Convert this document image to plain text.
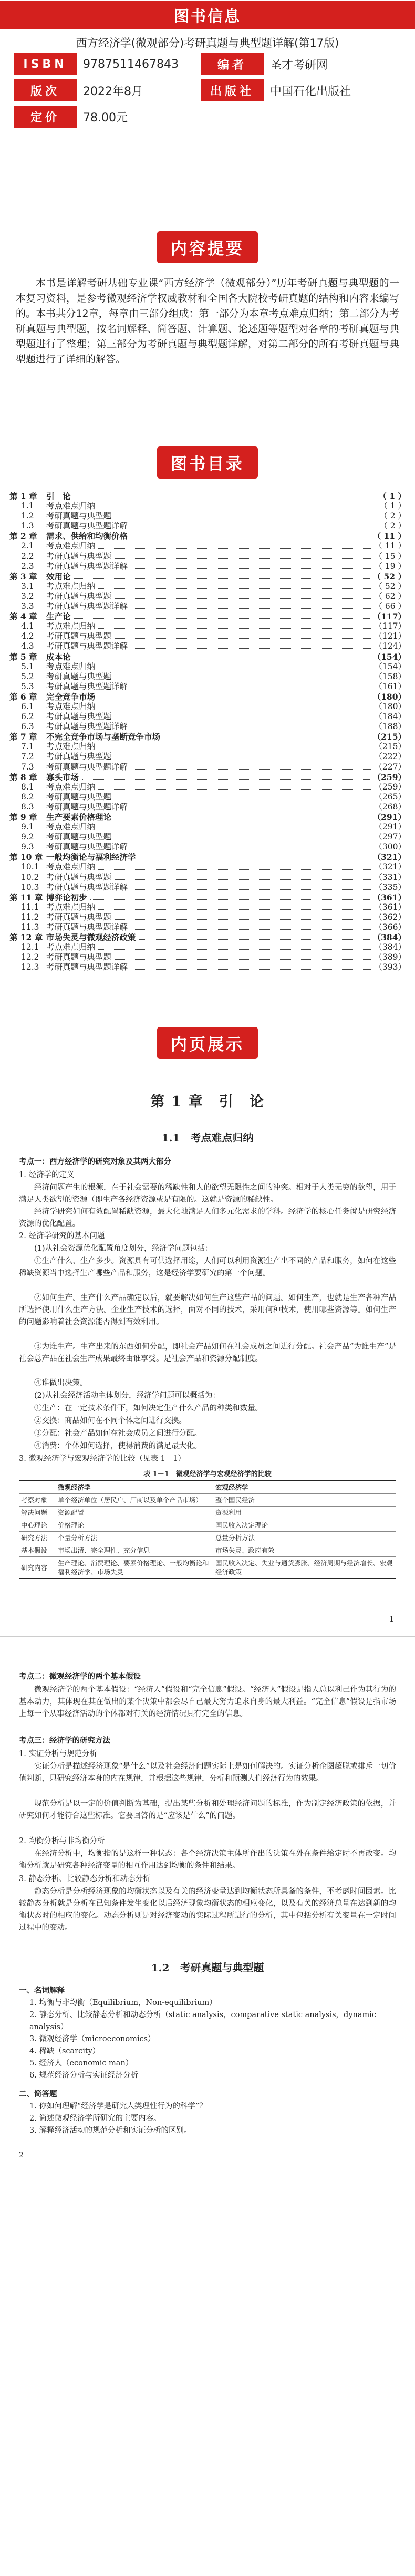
图书信息
西方经济学(微观部分)考研真题与典型题详解(第17版)
ISBN	9787511467843	编者	圣才考研网
版次	2022年8月	出版社	中国石化出版社
定价	78.00元
内容提要
本书是详解考研基础专业课“西方经济学（微观部分）”历年考研真题与典型题的一本复习资料，是参考微观经济学权威教材和全国各大院校考研真题的结构和内容来编写的。本书共分12章，每章由三部分组成：第一部分为本章考点难点归纳；第二部分为考研真题与典型题，按名词解释、简答题、计算题、论述题等题型对各章的考研真题与典型题进行了整理；第三部分为考研真题与典型题详解，对第二部分的所有考研真题与典型题进行了详细的解答。
图书目录
第 1 章	引　论	（ 1 ）
1.1	考点难点归纳	（ 1 ）
1.2	考研真题与典型题	（ 2 ）
1.3	考研真题与典型题详解	（ 2 ）
第 2 章	需求、供给和均衡价格	（ 11 ）
2.1	考点难点归纳	（ 11 ）
2.2	考研真题与典型题	（ 15 ）
2.3	考研真题与典型题详解	（ 19 ）
第 3 章	效用论	（ 52 ）
3.1	考点难点归纳	（ 52 ）
3.2	考研真题与典型题	（ 62 ）
3.3	考研真题与典型题详解	（ 66 ）
第 4 章	生产论	（117）
4.1	考点难点归纳	（117）
4.2	考研真题与典型题	（121）
4.3	考研真题与典型题详解	（124）
第 5 章	成本论	（154）
5.1	考点难点归纳	（154）
5.2	考研真题与典型题	（158）
5.3	考研真题与典型题详解	（161）
第 6 章	完全竞争市场	（180）
6.1	考点难点归纳	（180）
6.2	考研真题与典型题	（184）
6.3	考研真题与典型题详解	（188）
第 7 章	不完全竞争市场与垄断竞争市场	（215）
7.1	考点难点归纳	（215）
7.2	考研真题与典型题	（222）
7.3	考研真题与典型题详解	（227）
第 8 章	寡头市场	（259）
8.1	考点难点归纳	（259）
8.2	考研真题与典型题	（265）
8.3	考研真题与典型题详解	（268）
第 9 章	生产要素价格理论	（291）
9.1	考点难点归纳	（291）
9.2	考研真题与典型题	（297）
9.3	考研真题与典型题详解	（300）
第 10 章 一般均衡论与福利经济学	（321）
10.1 考点难点归纳	（321）
10.2 考研真题与典型题	（331）
10.3 考研真题与典型题详解	（335）
第 11 章 博弈论初步	（361）
11.1 考点难点归纳	（361）
11.2 考研真题与典型题	（362）
11.3 考研真题与典型题详解	（366）
第 12 章 市场失灵与微观经济政策	（384）
12.1 考点难点归纳	（384）
12.2 考研真题与典型题	（389）
12.3 考研真题与典型题详解	（393）
内页展示
第 1 章　引　论
1.1　考点难点归纳
考点一：西方经济学的研究对象及其两大部分
1. 经济学的定义
经济问题产生的根源，在于社会需要的稀缺性和人的欲望无限性之间的冲突。相对于人类无穷的欲望，用于满足人类欲望的资源（即生产各经济资源或是有限的。这就是资源的稀缺性。
经济学研究如何有效配置稀缺资源，最大化地满足人们多元化需求的学科。经济学的核心任务就是研究经济资源的优化配置。
2. 经济学研究的基本问题
(1)从社会资源优化配置角度划分，经济学问题包括：
①生产什么、生产多少。资源具有可供选择用途，人们可以利用资源生产出不同的产品和服务，如何在这些稀缺资源当中选择生产哪些产品和服务，这是经济学要研究的第一个问题。
②如何生产。生产什么产品确定以后，就要解决如何生产这些产品的问题。如何生产，也就是生产各种产品所选择使用什么生产方法。企业生产技术的选择，面对不同的技术，采用何种技术，使用哪些资源等。如何生产的问题影响着社会资源能否得到有效利用。
③为谁生产。生产出来的东西如何分配，即社会产品如何在社会成员之间进行分配。社会产品“为谁生产”是社会总产品在社会生产成果最终由谁享受。是社会产品和资源分配制度。
④谁做出决策。
(2)从社会经济活动主体划分，经济学问题可以概括为：
①生产：在一定技术条件下，如何决定生产什么产品的种类和数量。
②交换：商品如何在不同个体之间进行交换。
③分配：社会产品如何在社会成员之间进行分配。
④消费：个体如何选择，使得消费的满足最大化。
3. 微观经济学与宏观经济学的比较（见表 1－1）
表 1－1　微观经济学与宏观经济学的比较
	微观经济学	宏观经济学
考察对象	单个经济单位（居民户、厂商以及单个产品市场）	整个国民经济
解决问题	资源配置	资源利用
中心理论	价格理论	国民收入决定理论
研究方法	个量分析方法	总量分析方法
基本假设	市场出清、完全理性、充分信息	市场失灵、政府有效
研究内容	生产理论、消费理论、要素价格理论、一般均衡论和福利经济学、市场失灵	国民收入决定、失业与通货膨胀、经济周期与经济增长、宏观经济政策
1
考点二：微观经济学的两个基本假设
微观经济学的两个基本假设：“经济人”假设和“完全信息”假设。“经济人”假设是指人总以利己作为其行为的基本动力，其体现在其在做出的某个决策中都会尽自己最大努力追求自身的最大利益。“完全信息”假设是指市场上每一个从事经济活动的个体都对有关的经济情况具有完全的信息。
考点三：经济学的研究方法
1. 实证分析与规范分析
实证分析是描述经济现象“是什么”以及社会经济问题实际上是如何解决的。实证分析企图超脱或排斥一切价值判断，只研究经济本身的内在规律，并根据这些规律，分析和预测人们经济行为的效果。
规范分析是以一定的价值判断为基础，提出某些分析和处理经济问题的标准，作为制定经济政策的依据，并研究如何才能符合这些标准。它要回答的是“应该是什么”的问题。
2. 均衡分析与非均衡分析
在经济分析中，均衡指的是这样一种状态：各个经济决策主体所作出的决策在外在条件给定时不再改变。均衡分析就是研究各种经济变量的相互作用达到均衡的条件和结果。
3. 静态分析、比较静态分析和动态分析
静态分析是分析经济现象的均衡状态以及有关的经济变量达到均衡状态所具备的条件，不考虑时间因素。比较静态分析就是分析在已知条件发生变化以后经济现象均衡状态的相应变化，以及有关的经济总量在达到新的均衡状态时的相应的变化。动态分析则是对经济变动的实际过程所进行的分析，其中包括分析有关变量在一定时间过程中的变动。
1.2　考研真题与典型题
一、名词解释
1. 均衡与非均衡（Equilibrium，Non-equilibrium）
2. 静态分析、比较静态分析和动态分析（static analysis，comparative static analysis，dynamic analysis）
3. 微观经济学（microeconomics）
4. 稀缺（scarcity）
5. 经济人（economic man）
6. 规范经济分析与实证经济分析
二、简答题
1. 你如何理解“经济学是研究人类理性行为的科学”？
2. 简述微观经济学所研究的主要内容。
3. 解释经济活动的规范分析和实证分析的区别。
2
